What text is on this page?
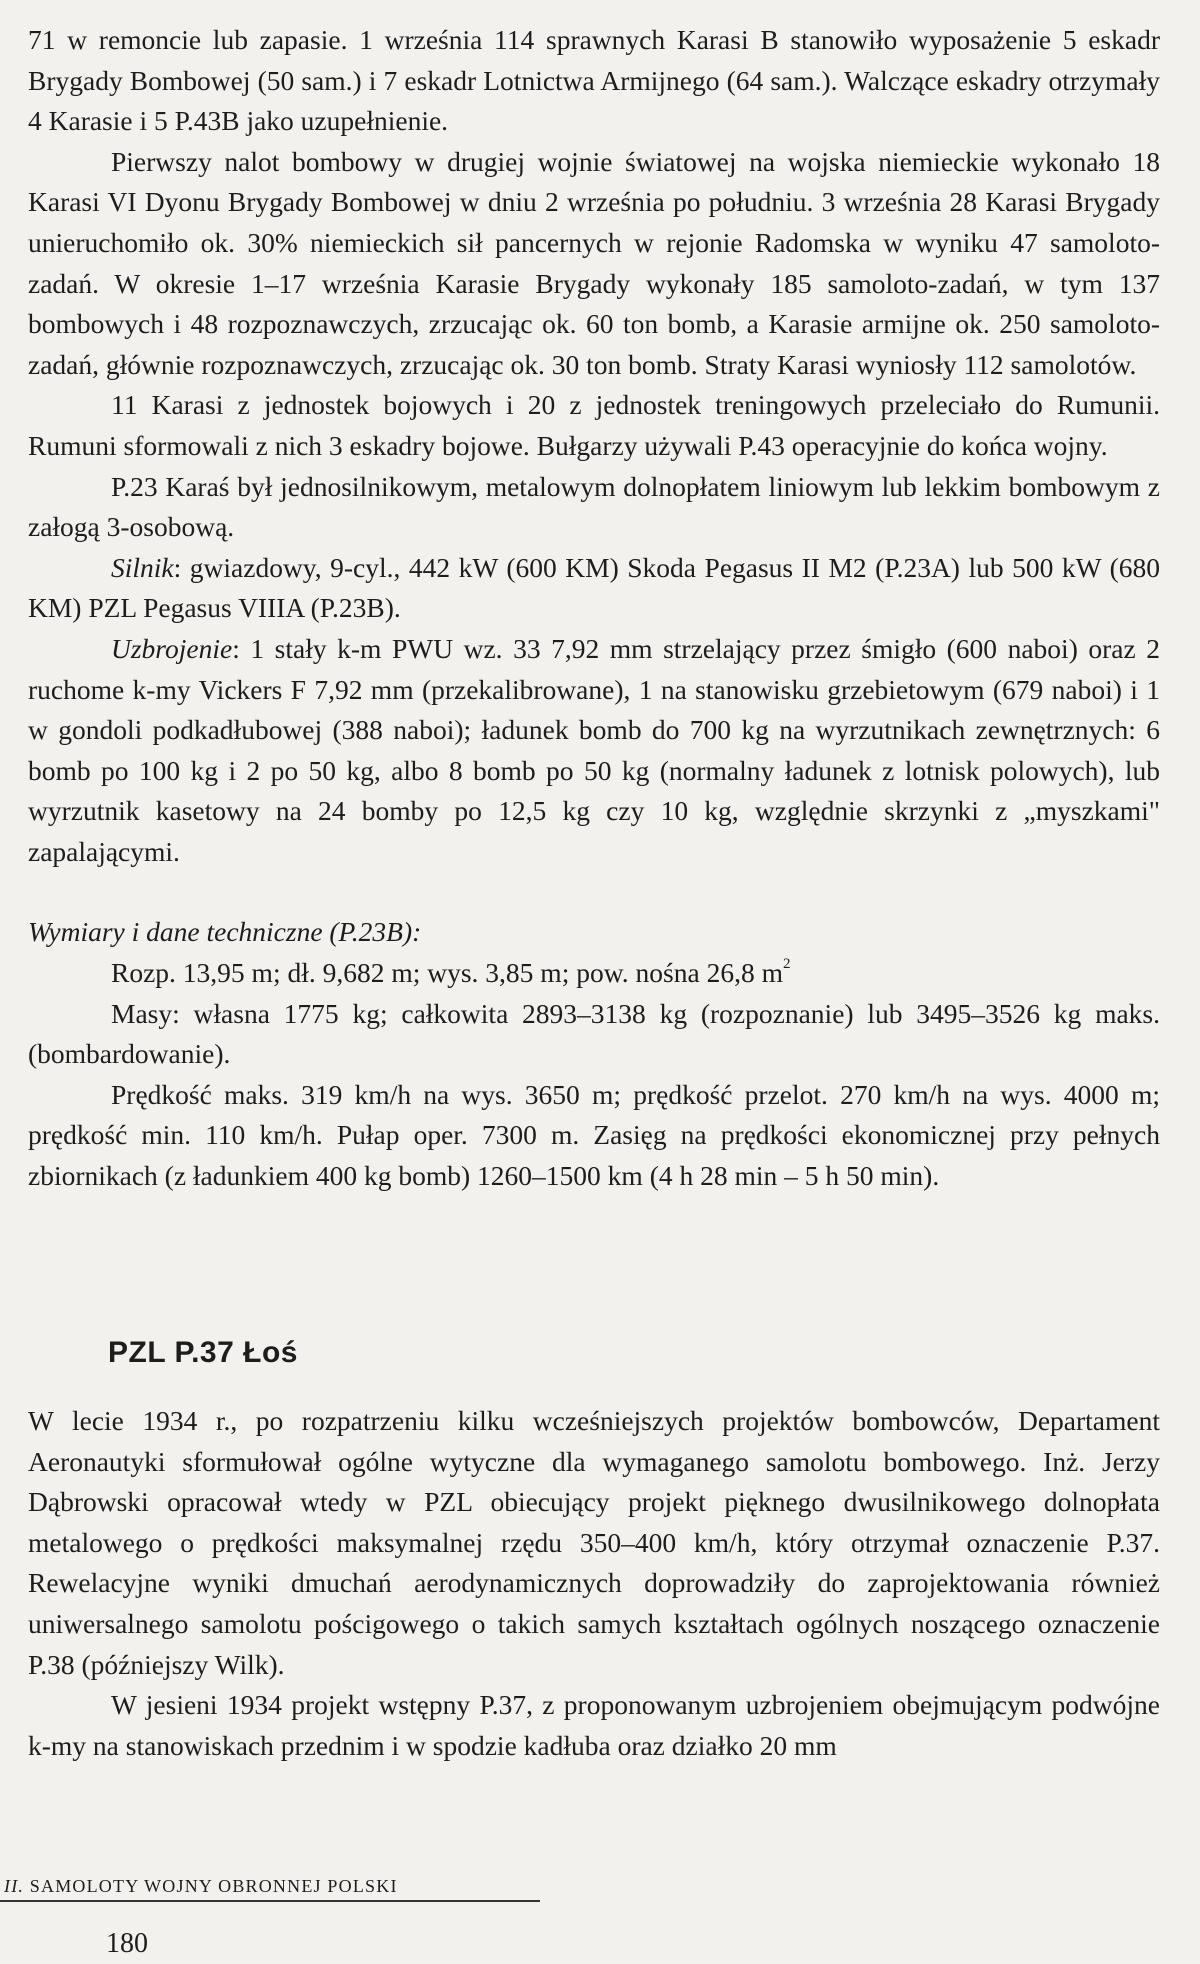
71 w remoncie lub zapasie. 1 września 114 sprawnych Karasi B stanowiło wyposażenie 5 eskadr Brygady Bombowej (50 sam.) i 7 eskadr Lotnictwa Armijnego (64 sam.). Walczące eskadry otrzymały 4 Karasie i 5 P.43B jako uzupełnienie.

Pierwszy nalot bombowy w drugiej wojnie światowej na wojska niemieckie wykonało 18 Karasi VI Dyonu Brygady Bombowej w dniu 2 września po południu. 3 września 28 Karasi Brygady unieruchomiło ok. 30% niemieckich sił pancernych w rejonie Radomska w wyniku 47 samoloto-zadań. W okresie 1–17 września Karasie Brygady wykonały 185 samoloto-zadań, w tym 137 bombowych i 48 rozpoznawczych, zrzucając ok. 60 ton bomb, a Karasie armijne ok. 250 samoloto-zadań, głównie rozpoznawczych, zrzucając ok. 30 ton bomb. Straty Karasi wyniosły 112 samolotów.

11 Karasi z jednostek bojowych i 20 z jednostek treningowych przeleciało do Rumunii. Rumuni sformowali z nich 3 eskadry bojowe. Bułgarzy używali P.43 operacyjnie do końca wojny.

P.23 Karaś był jednosilnikowym, metalowym dolnopłatem liniowym lub lekkim bombowym z załogą 3-osobową.

Silnik: gwiazdowy, 9-cyl., 442 kW (600 KM) Skoda Pegasus II M2 (P.23A) lub 500 kW (680 KM) PZL Pegasus VIIIA (P.23B).

Uzbrojenie: 1 stały k-m PWU wz. 33 7,92 mm strzelający przez śmigło (600 naboi) oraz 2 ruchome k-my Vickers F 7,92 mm (przekalibrowane), 1 na stanowisku grzebietowym (679 naboi) i 1 w gondoli podkadłubowej (388 naboi); ładunek bomb do 700 kg na wyrzutnikach zewnętrznych: 6 bomb po 100 kg i 2 po 50 kg, albo 8 bomb po 50 kg (normalny ładunek z lotnisk polowych), lub wyrzutnik kasetowy na 24 bomby po 12,5 kg czy 10 kg, względnie skrzynki z „myszkami" zapalającymi.

Wymiary i dane techniczne (P.23B):

Rozp. 13,95 m; dł. 9,682 m; wys. 3,85 m; pow. nośna 26,8 $m^2$

Masy: własna 1775 kg; całkowita 2893–3138 kg (rozpoznanie) lub 3495–3526 kg maks. (bombardowanie).

Prędkość maks. 319 km/h na wys. 3650 m; prędkość przelot. 270 km/h na wys. 4000 m; prędkość min. 110 km/h. Pułap oper. 7300 m. Zasięg na prędkości ekonomicznej przy pełnych zbiornikach (z ładunkiem 400 kg bomb) 1260–1500 km (4 h 28 min – 5 h 50 min).

PZL P.37 Łoś

W lecie 1934 r., po rozpatrzeniu kilku wcześniejszych projektów bombowców, Departament Aeronautyki sformułował ogólne wytyczne dla wymaganego samolotu bombowego. Inż. Jerzy Dąbrowski opracował wtedy w PZL obiecujący projekt pięknego dwusilnikowego dolnopłata metalowego o prędkości maksymalnej rzędu 350–400 km/h, który otrzymał oznaczenie P.37. Rewelacyjne wyniki dmuchań aerodynamicznych doprowadziły do zaprojektowania również uniwersalnego samolotu pościgowego o takich samych kształtach ogólnych noszącego oznaczenie P.38 (późniejszy Wilk).

W jesieni 1934 projekt wstępny P.37, z proponowanym uzbrojeniem obejmującym podwójne k-my na stanowiskach przednim i w spodzie kadłuba oraz działko 20 mm

II. SAMOLOTY WOJNY OBRONNEJ POLSKI
180
